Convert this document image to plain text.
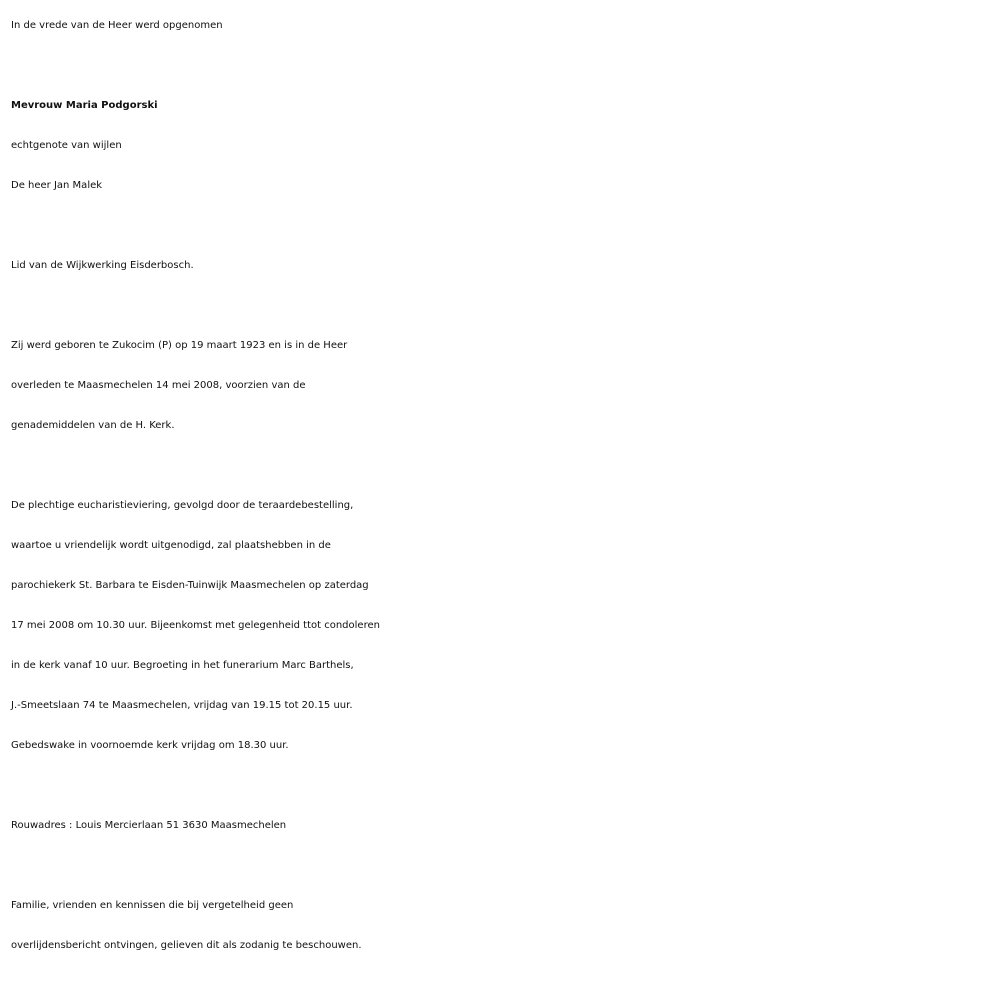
In de vrede van de Heer werd opgenomen
Mevrouw Maria Podgorski
echtgenote van wijlen
De heer Jan Malek
Lid van de Wijkwerking Eisderbosch.
Zij werd geboren te Zukocim (P) op 19 maart 1923 en is in de Heer
overleden te Maasmechelen 14 mei 2008, voorzien van de
genademiddelen van de H. Kerk.
De plechtige eucharistieviering, gevolgd door de teraardebestelling,
waartoe u vriendelijk wordt uitgenodigd, zal plaatshebben in de
parochiekerk St. Barbara te Eisden-Tuinwijk Maasmechelen op zaterdag
17 mei 2008 om 10.30 uur. Bijeenkomst met gelegenheid ttot condoleren
in de kerk vanaf 10 uur. Begroeting in het funerarium Marc Barthels,
J.-Smeetslaan 74 te Maasmechelen, vrijdag van 19.15 tot 20.15 uur.
Gebedswake in voornoemde kerk vrijdag om 18.30 uur.
Rouwadres : Louis Mercierlaan 51 3630 Maasmechelen
Familie, vrienden en kennissen die bij vergetelheid geen
overlijdensbericht ontvingen, gelieven dit als zodanig te beschouwen.
